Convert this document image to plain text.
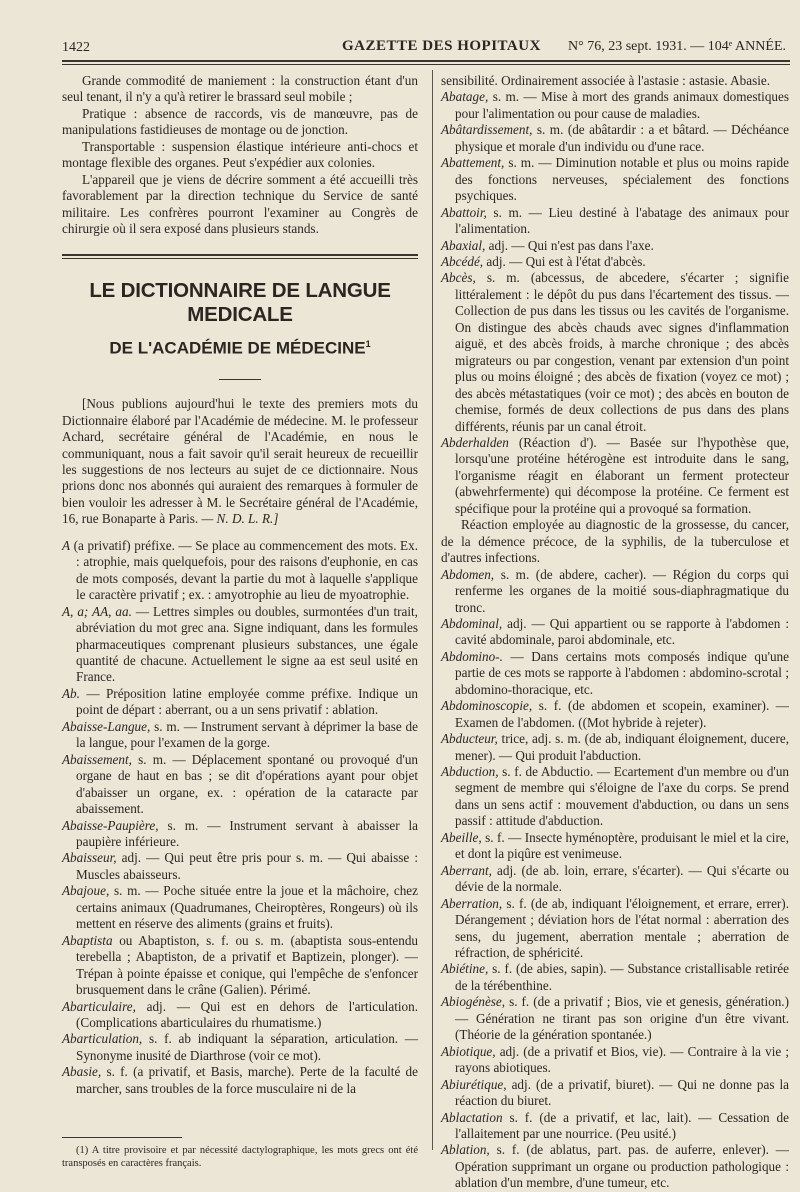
1422	GAZETTE DES HOPITAUX N° 76, 23 sept. 1931. — 104ᵉ ANNÉE.

Grande commodité de maniement : la construction étant d'un seul tenant, il n'y a qu'à retirer le brassard seul mobile ;

Pratique : absence de raccords, vis de manœuvre, pas de manipulations fastidieuses de montage ou de jonction.

Transportable : suspension élastique intérieure anti-chocs et montage flexible des organes. Peut s'expédier aux colonies.

L'appareil que je viens de décrire somment a été accueilli très favorablement par la direction technique du Service de santé militaire. Les confrères pourront l'examiner au Congrès de chirurgie où il sera exposé dans plusieurs stands.

LE DICTIONNAIRE DE LANGUE MEDICALE
DE L'ACADÉMIE DE MÉDECINE$^1$

[Nous publions aujourd'hui le texte des premiers mots du Dictionnaire élaboré par l'Académie de médecine. M. le professeur Achard, secrétaire général de l'Académie, en nous le communiquant, nous a fait savoir qu'il serait heureux de recueillir les suggestions de nos lecteurs au sujet de ce dictionnaire. Nous prions donc nos abonnés qui auraient des remarques à formuler de bien vouloir les adresser à M. le Secrétaire général de l'Académie, 16, rue Bonaparte à Paris. — N. D. L. R.]

A (a privatif) préfixe. — Se place au commencement des mots. Ex. : atrophie, mais quelquefois, pour des raisons d'euphonie, en cas de mots composés, devant la partie du mot à laquelle s'applique le caractère privatif ; ex. : amyotrophie au lieu de myoatrophie.

A, a; AA, aa. — Lettres simples ou doubles, surmontées d'un trait, abréviation du mot grec ana. Signe indiquant, dans les formules pharmaceutiques comprenant plusieurs substances, une égale quantité de chacune. Actuellement le signe aa est seul usité en France.

Ab. — Préposition latine employée comme préfixe. Indique un point de départ : aberrant, ou a un sens privatif : ablation.

Abaisse-Langue, s. m. — Instrument servant à déprimer la base de la langue, pour l'examen de la gorge.

Abaissement, s. m. — Déplacement spontané ou provoqué d'un organe de haut en bas ; se dit d'opérations ayant pour objet d'abaisser un organe, ex. : opération de la cataracte par abaissement.

Abaisse-Paupière, s. m. — Instrument servant à abaisser la paupière inférieure.

Abaisseur, adj. — Qui peut être pris pour s. m. — Qui abaisse : Muscles abaisseurs.

Abajoue, s. m. — Poche située entre la joue et la mâchoire, chez certains animaux (Quadrumanes, Cheiroptères, Rongeurs) où ils mettent en réserve des aliments (grains et fruits).

Abaptista ou Abaptiston, s. f. ou s. m. (abaptista sous-entendu terebella ; Abaptiston, de a privatif et Baptizein, plonger). — Trépan à pointe épaisse et conique, qui l'empêche de s'enfoncer brusquement dans le crâne (Galien). Périmé.

Abarticulaire, adj. — Qui est en dehors de l'articulation. (Complications abarticulaires du rhumatisme.)

Abarticulation, s. f. ab indiquant la séparation, articulation. — Synonyme inusité de Diarthrose (voir ce mot).

Abasie, s. f. (a privatif, et Basis, marche). Perte de la faculté de marcher, sans troubles de la force musculaire ni de la

(1) A titre provisoire et par nécessité dactylographique, les mots grecs ont été transposés en caractères français.

sensibilité. Ordinairement associée à l'astasie : astasie. Abasie.

Abatage, s. m. — Mise à mort des grands animaux domestiques pour l'alimentation ou pour cause de maladies.

Abâtardissement, s. m. (de abâtardir : a et bâtard. — Déchéance physique et morale d'un individu ou d'une race.

Abattement, s. m. — Diminution notable et plus ou moins rapide des fonctions nerveuses, spécialement des fonctions psychiques.

Abattoir, s. m. — Lieu destiné à l'abatage des animaux pour l'alimentation.

Abaxial, adj. — Qui n'est pas dans l'axe.

Abcédé, adj. — Qui est à l'état d'abcès.

Abcès, s. m. (abcessus, de abcedere, s'écarter ; signifie littéralement : le dépôt du pus dans l'écartement des tissus. — Collection de pus dans les tissus ou les cavités de l'organisme. On distingue des abcès chauds avec signes d'inflammation aiguë, et des abcès froids, à marche chronique ; des abcès migrateurs ou par congestion, venant par extension d'un point plus ou moins éloigné ; des abcès de fixation (voyez ce mot) ; des abcès métastatiques (voir ce mot) ; des abcès en bouton de chemise, formés de deux collections de pus dans des plans différents, réunis par un canal étroit.

Abderhalden (Réaction d'). — Basée sur l'hypothèse que, lorsqu'une protéine hétérogène est introduite dans le sang, l'organisme réagit en élaborant un ferment protecteur (abwehrfermente) qui décompose la protéine. Ce ferment est spécifique pour la protéine qui a provoqué sa formation.

Réaction employée au diagnostic de la grossesse, du cancer, de la démence précoce, de la syphilis, de la tuberculose et d'autres infections.

Abdomen, s. m. (de abdere, cacher). — Région du corps qui renferme les organes de la moitié sous-diaphragmatique du tronc.

Abdominal, adj. — Qui appartient ou se rapporte à l'abdomen : cavité abdominale, paroi abdominale, etc.

Abdomino-. — Dans certains mots composés indique qu'une partie de ces mots se rapporte à l'abdomen : abdomino-scrotal ; abdomino-thoracique, etc.

Abdominoscopie, s. f. (de abdomen et scopein, examiner). — Examen de l'abdomen. ((Mot hybride à rejeter).

Abducteur, trice, adj. s. m. (de ab, indiquant éloignement, ducere, mener). — Qui produit l'abduction.

Abduction, s. f. de Abductio. — Ecartement d'un membre ou d'un segment de membre qui s'éloigne de l'axe du corps. Se prend dans un sens actif : mouvement d'abduction, ou dans un sens passif : attitude d'abduction.

Abeille, s. f. — Insecte hyménoptère, produisant le miel et la cire, et dont la piqûre est venimeuse.

Aberrant, adj. (de ab. loin, errare, s'écarter). — Qui s'écarte ou dévie de la normale.

Aberration, s. f. (de ab, indiquant l'éloignement, et errare, errer). Dérangement ; déviation hors de l'état normal : aberration des sens, du jugement, aberration mentale ; aberration de réfraction, de sphéricité.

Abiétine, s. f. (de abies, sapin). — Substance cristallisable retirée de la térébenthine.

Abiogénèse, s. f. (de a privatif ; Bios, vie et genesis, génération.) — Génération ne tirant pas son origine d'un être vivant. (Théorie de la génération spontanée.)

Abiotique, adj. (de a privatif et Bios, vie). — Contraire à la vie ; rayons abiotiques.

Abiurétique, adj. (de a privatif, biuret). — Qui ne donne pas la réaction du biuret.

Ablactation s. f. (de a privatif, et lac, lait). — Cessation de l'allaitement par une nourrice. (Peu usité.)

Ablation, s. f. (de ablatus, part. pas. de auferre, enlever). — Opération supprimant un organe ou production pathologique : ablation d'un membre, d'une tumeur, etc.
